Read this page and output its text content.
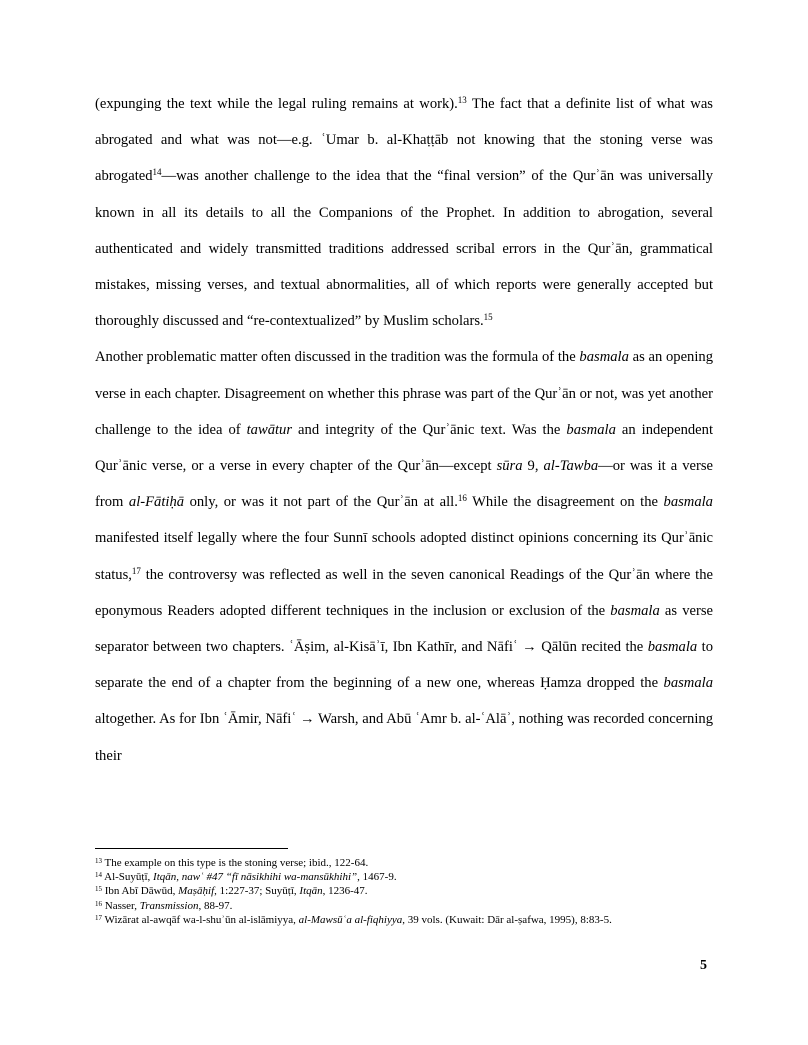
(expunging the text while the legal ruling remains at work).$^{13}$ The fact that a definite list of what was abrogated and what was not—e.g. ʿUmar b. al-Khaṭṭāb not knowing that the stoning verse was abrogated$^{14}$—was another challenge to the idea that the “final version” of the Qurʾān was universally known in all its details to all the Companions of the Prophet. In addition to abrogation, several authenticated and widely transmitted traditions addressed scribal errors in the Qurʾān, grammatical mistakes, missing verses, and textual abnormalities, all of which reports were generally accepted but thoroughly discussed and “re-contextualized” by Muslim scholars.$^{15}$

Another problematic matter often discussed in the tradition was the formula of the basmala as an opening verse in each chapter. Disagreement on whether this phrase was part of the Qurʾān or not, was yet another challenge to the idea of tawātur and integrity of the Qurʾānic text. Was the basmala an independent Qurʾānic verse, or a verse in every chapter of the Qurʾān—except sūra 9, al-Tawba—or was it a verse from al-Fātiḥā only, or was it not part of the Qurʾān at all.$^{16}$ While the disagreement on the basmala manifested itself legally where the four Sunnī schools adopted distinct opinions concerning its Qurʾānic status,$^{17}$ the controversy was reflected as well in the seven canonical Readings of the Qurʾān where the eponymous Readers adopted different techniques in the inclusion or exclusion of the basmala as verse separator between two chapters. ʿĀṣim, al-Kisāʾī, Ibn Kathīr, and Nāfiʿ → Qālūn recited the basmala to separate the end of a chapter from the beginning of a new one, whereas Ḥamza dropped the basmala altogether. As for Ibn ʿĀmir, Nāfiʿ → Warsh, and Abū ʿAmr b. al-ʿAlāʾ, nothing was recorded concerning their

$^{13}$ The example on this type is the stoning verse; ibid., 122-64.

$^{14}$ Al-Suyūṭī, Itqān, nawʿ #47 “fī nāsikhihi wa-mansūkhihi”, 1467-9.

$^{15}$ Ibn Abī Dāwūd, Maṣāḥif, 1:227-37; Suyūṭī, Itqān, 1236-47.

$^{16}$ Nasser, Transmission, 88-97.

$^{17}$ Wizārat al-awqāf wa-l-shuʾūn al-islāmiyya, al-Mawsūʿa al-fiqhiyya, 39 vols. (Kuwait: Dār al-ṣafwa, 1995), 8:83-5.

5
